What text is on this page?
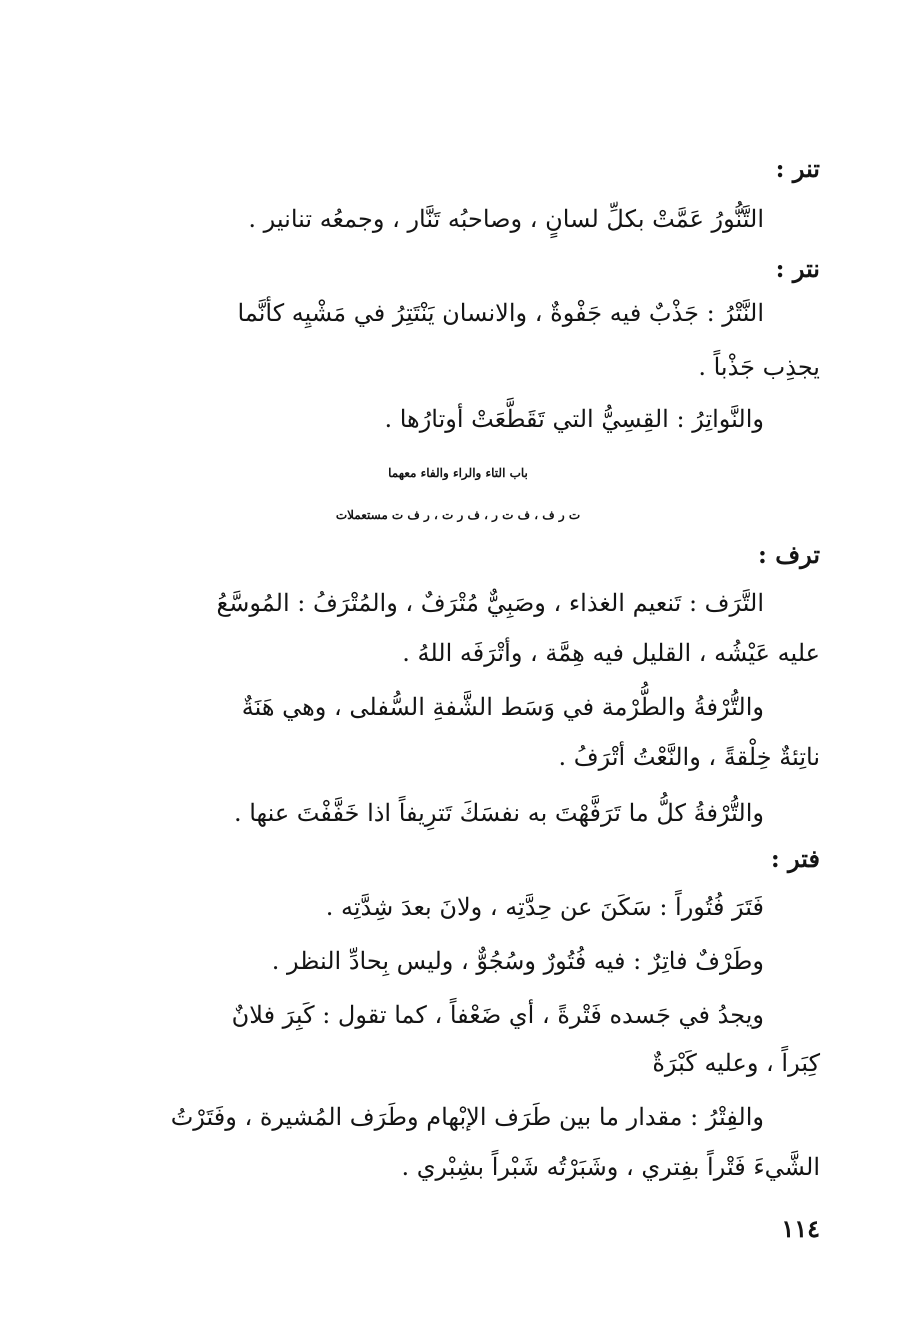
تنر :
التَّنُّورُ عَمَّتْ بكلِّ لسانٍ ، وصاحبُه تَنَّار ، وجمعُه تنانير .
نتر :
النَّتْرُ : جَذْبٌ فيه جَفْوةٌ ، والانسان يَنْتَتِرُ في مَشْيِه كأنَّما
يجذِب جَذْباً .
والنَّواتِرُ : القِسِيُّ التي تَقَطَّعَتْ أوتارُها .
باب التاء والراء والفاء معهما
ت ر ف ، ف ت ر ، ف ر ت ، ر ف ت مستعملات
ترف :
التَّرَف : تَنعيم الغذاء ، وصَبِيٌّ مُتْرَفٌ ، والمُتْرَفُ : المُوسَّعُ
عليه عَيْشُه ، القليل فيه هِمَّة ، وأتْرَفَه اللهُ .
والتُّرْفةُ والطُّرْمة في وَسَط الشَّفةِ السُّفلى ، وهي هَنَةٌ
ناتِئةٌ خِلْقةً ، والنَّعْتُ أتْرَفُ .
والتُّرْفةُ كلُّ ما تَرَفَّهْتَ به نفسَكَ تَترِيفاً اذا خَفَّفْتَ عنها .
فتر :
فَتَرَ فُتُوراً : سَكَنَ عن حِدَّتِه ، ولانَ بعدَ شِدَّتِه .
وطَرْفٌ فاتِرٌ : فيه فُتُورٌ وسُجُوٌّ ، وليس بِحادِّ النظر .
ويجدُ في جَسده فَتْرةً ، أي ضَعْفاً ، كما تقول : كَبِرَ فلانٌ
كِبَراً ، وعليه كَبْرَةٌ
والفِتْرُ : مقدار ما بين طَرَف الإبْهام وطَرَف المُشيرة ، وفَتَرْتُ
الشَّيءَ فَتْراً بفِتري ، وشَبَرْتُه شَبْراً بشِبْري .
١١٤
